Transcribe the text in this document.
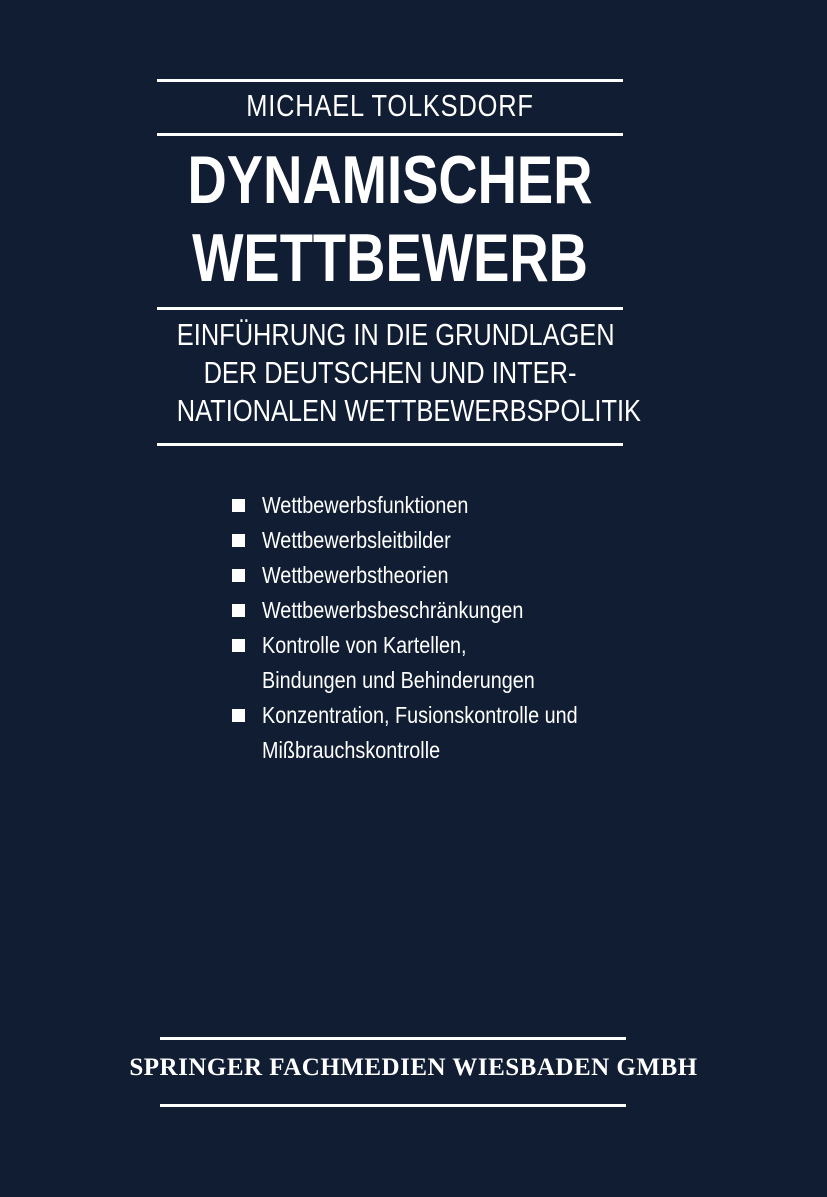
MICHAEL TOLKSDORF
DYNAMISCHER
WETTBEWERB
EINFÜHRUNG IN DIE GRUNDLAGEN
DER DEUTSCHEN UND INTER-
NATIONALEN WETTBEWERBSPOLITIK
Wettbewerbsfunktionen
Wettbewerbsleitbilder
Wettbewerbstheorien
Wettbewerbsbeschränkungen
Kontrolle von Kartellen,
Bindungen und Behinderungen
Konzentration, Fusionskontrolle und
Mißbrauchskontrolle
SPRINGER FACHMEDIEN WIESBADEN GMBH
